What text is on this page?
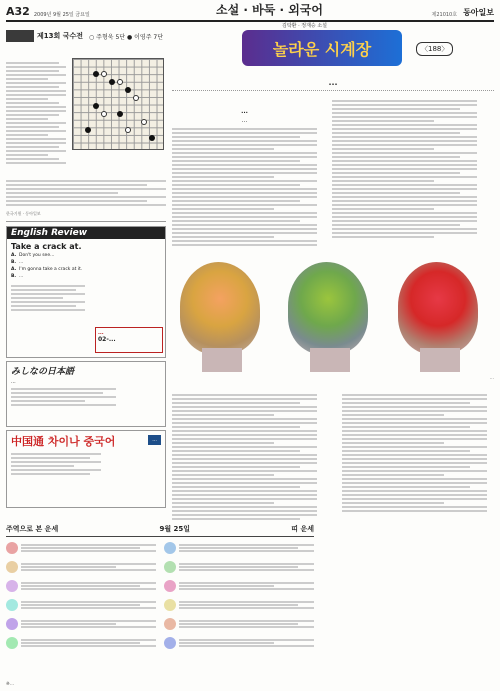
A32 2009년 9월 25일 금요일	소설 · 바둑 · 외국어	제21010호 동아일보
제13회 국수전 ○ 주형욱 5단 ● 이영주 7단
한국기원 · 동아일보
English Review
Take a crack at.
A. Don't you see...
B. ...
A. I'm gonna take a crack at it.
B. ...
...
02-...
みしなの日本語
...
中国通 차이나 중국어	...
주역으로 본 운세	9월 25일	띠 운세
※...
김탁환 · 정재승 소설
놀라운 시계장	〈188〉
...
...
...
...
